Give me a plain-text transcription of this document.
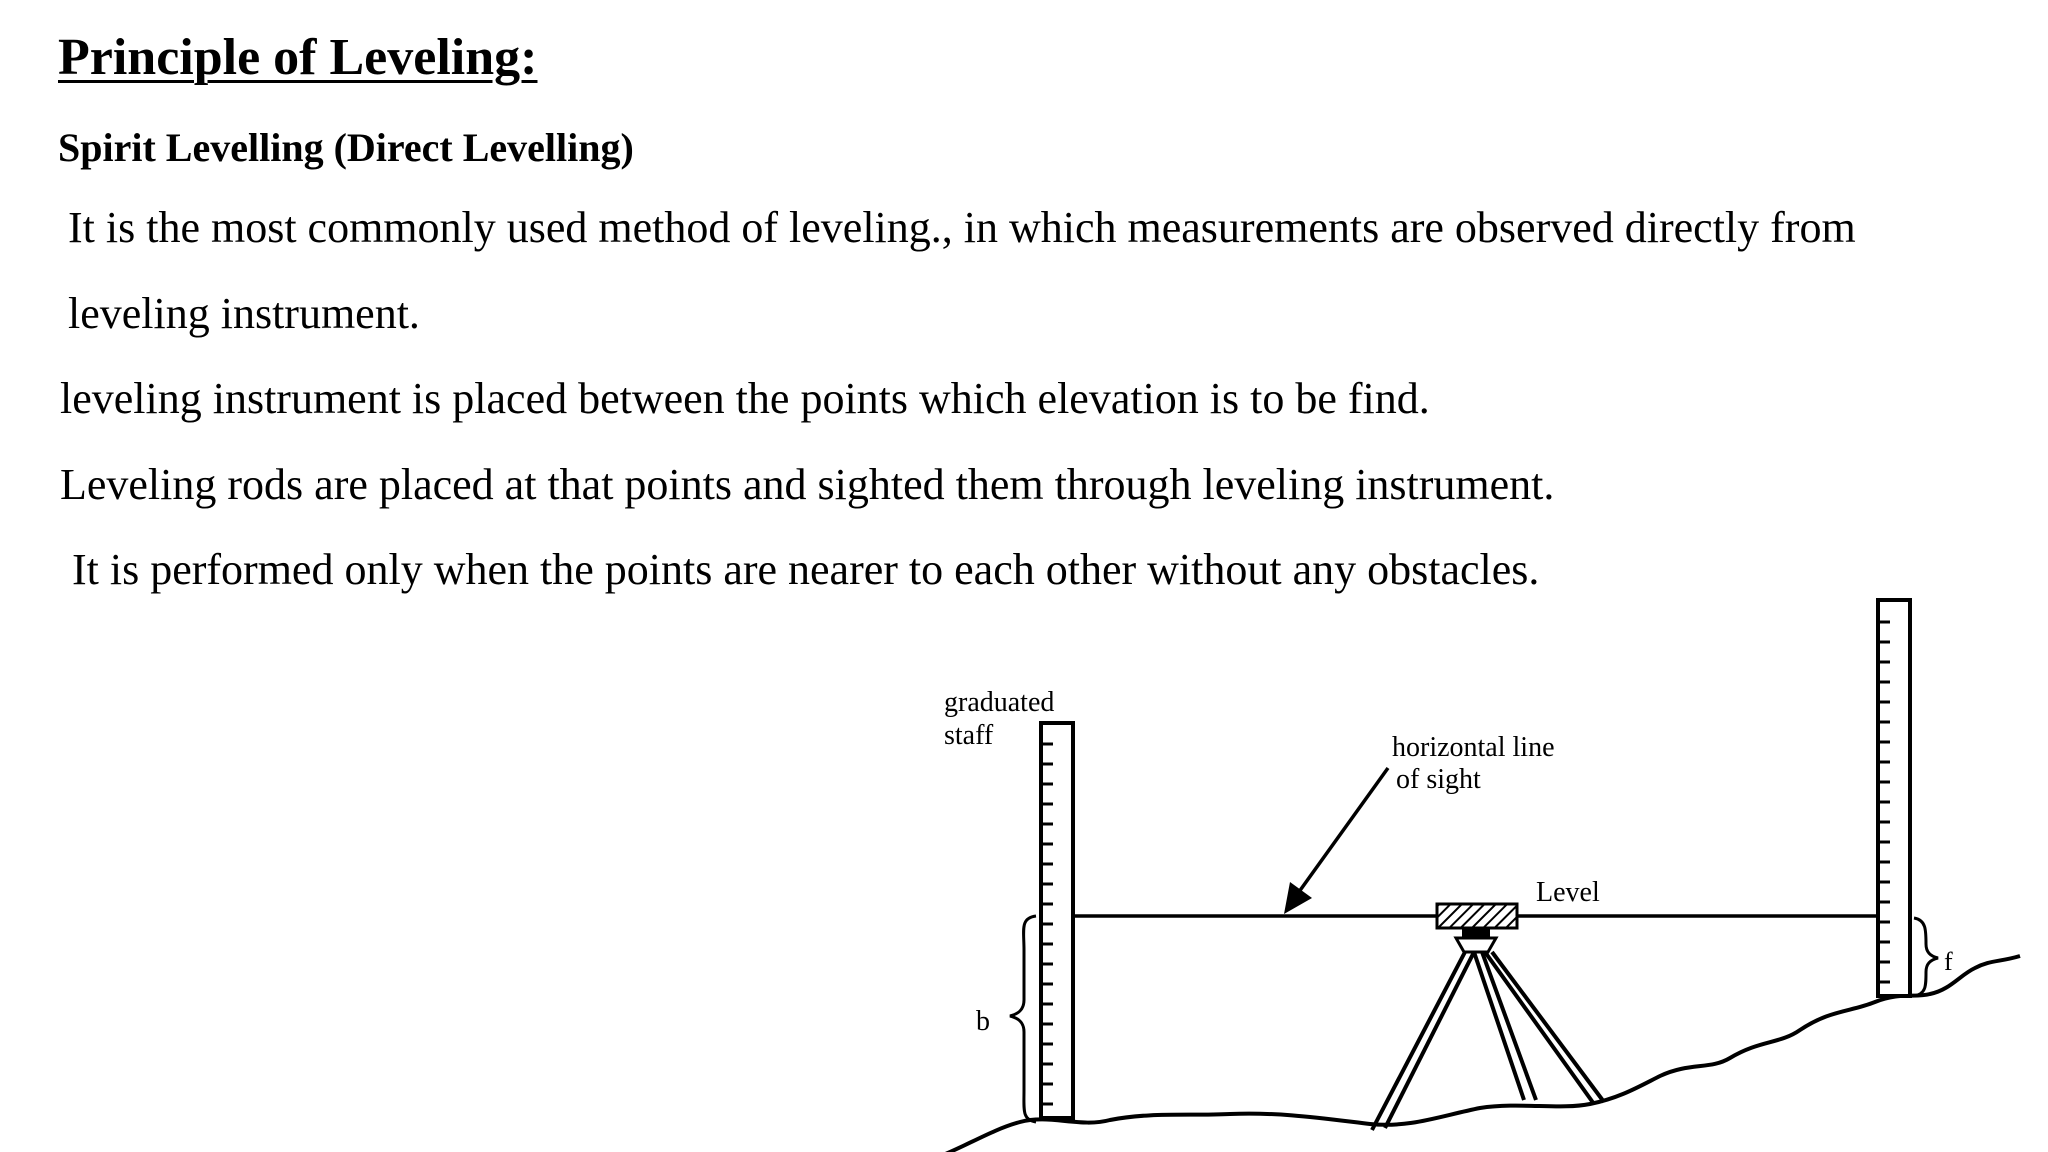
Principle of Leveling:
Spirit Levelling (Direct Levelling)

It is the most commonly used method of leveling., in which measurements are observed directly from

leveling instrument.

leveling instrument is placed between the points which elevation is to be find.

Leveling rods are placed at that points and sighted them through leveling instrument.

It is performed only when the points are nearer to each other without any obstacles.

graduated
staff	horizontal line
of sight
Level
b
f
